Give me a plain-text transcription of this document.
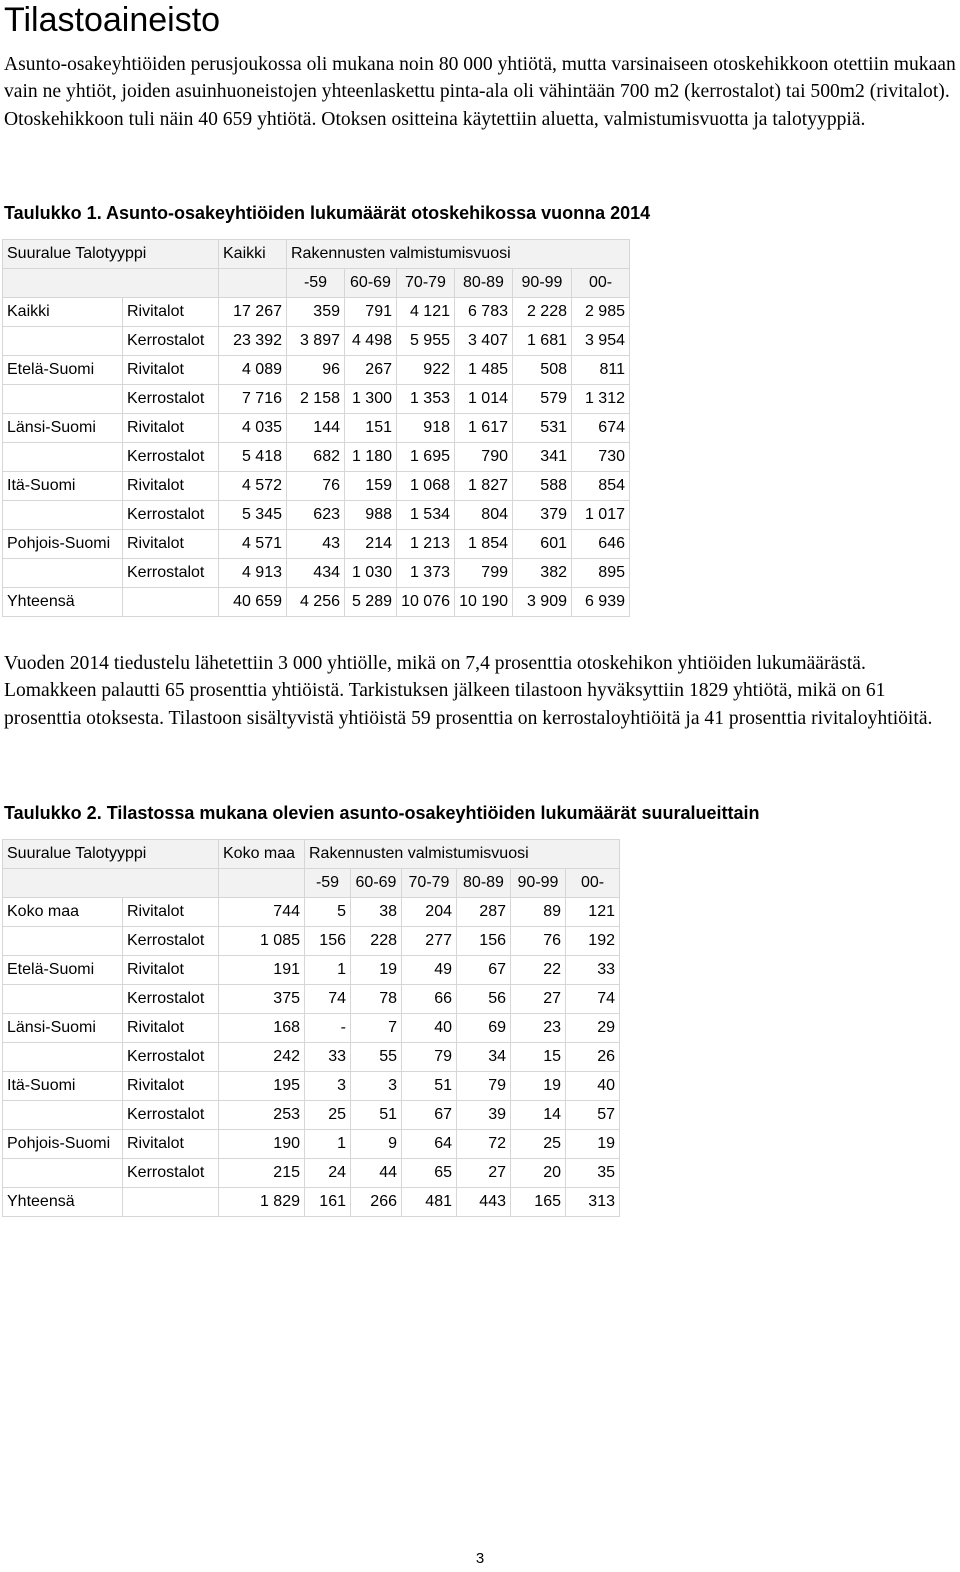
Tilastoaineisto

Asunto-osakeyhtiöiden perusjoukossa oli mukana noin 80 000 yhtiötä, mutta varsinaiseen otoskehikkoon otettiin mukaan vain ne yhtiöt, joiden asuinhuoneistojen yhteenlaskettu pinta-ala oli vähintään 700 m2 (kerrostalot) tai 500m2 (rivitalot). Otoskehikkoon tuli näin 40 659 yhtiötä. Otoksen ositteina käytettiin aluetta, valmistumisvuotta ja talotyyppiä.

Taulukko 1. Asunto-osakeyhtiöiden lukumäärät otoskehikossa vuonna 2014
Suuralue Talotyyppi		Kaikki	Rakennusten valmistumisvuosi					
			-59	60-69	70-79	80-89	90-99	00-
Kaikki	Rivitalot	17 267	359	791	4 121	6 783	2 228	2 985
	Kerrostalot	23 392	3 897	4 498	5 955	3 407	1 681	3 954
Etelä-Suomi	Rivitalot	4 089	96	267	922	1 485	508	811
	Kerrostalot	7 716	2 158	1 300	1 353	1 014	579	1 312
Länsi-Suomi	Rivitalot	4 035	144	151	918	1 617	531	674
	Kerrostalot	5 418	682	1 180	1 695	790	341	730
Itä-Suomi	Rivitalot	4 572	76	159	1 068	1 827	588	854
	Kerrostalot	5 345	623	988	1 534	804	379	1 017
Pohjois-Suomi	Rivitalot	4 571	43	214	1 213	1 854	601	646
	Kerrostalot	4 913	434	1 030	1 373	799	382	895
Yhteensä		40 659	4 256	5 289	10 076	10 190	3 909	6 939

Vuoden 2014 tiedustelu lähetettiin 3 000 yhtiölle, mikä on 7,4 prosenttia otoskehikon yhtiöiden lukumäärästä. Lomakkeen palautti 65 prosenttia yhtiöistä. Tarkistuksen jälkeen tilastoon hyväksyttiin 1829 yhtiötä, mikä on 61 prosenttia otoksesta. Tilastoon sisältyvistä yhtiöistä 59 prosenttia on kerrostaloyhtiöitä ja 41 prosenttia rivitaloyhtiöitä.

Taulukko 2. Tilastossa mukana olevien asunto-osakeyhtiöiden lukumäärät suuralueittain
Suuralue Talotyyppi		Koko maa	Rakennusten valmistumisvuosi					
			-59	60-69	70-79	80-89	90-99	00-
Koko maa	Rivitalot	744	5	38	204	287	89	121
	Kerrostalot	1 085	156	228	277	156	76	192
Etelä-Suomi	Rivitalot	191	1	19	49	67	22	33
	Kerrostalot	375	74	78	66	56	27	74
Länsi-Suomi	Rivitalot	168	-	7	40	69	23	29
	Kerrostalot	242	33	55	79	34	15	26
Itä-Suomi	Rivitalot	195	3	3	51	79	19	40
	Kerrostalot	253	25	51	67	39	14	57
Pohjois-Suomi	Rivitalot	190	1	9	64	72	25	19
	Kerrostalot	215	24	44	65	27	20	35
Yhteensä		1 829	161	266	481	443	165	313
3
